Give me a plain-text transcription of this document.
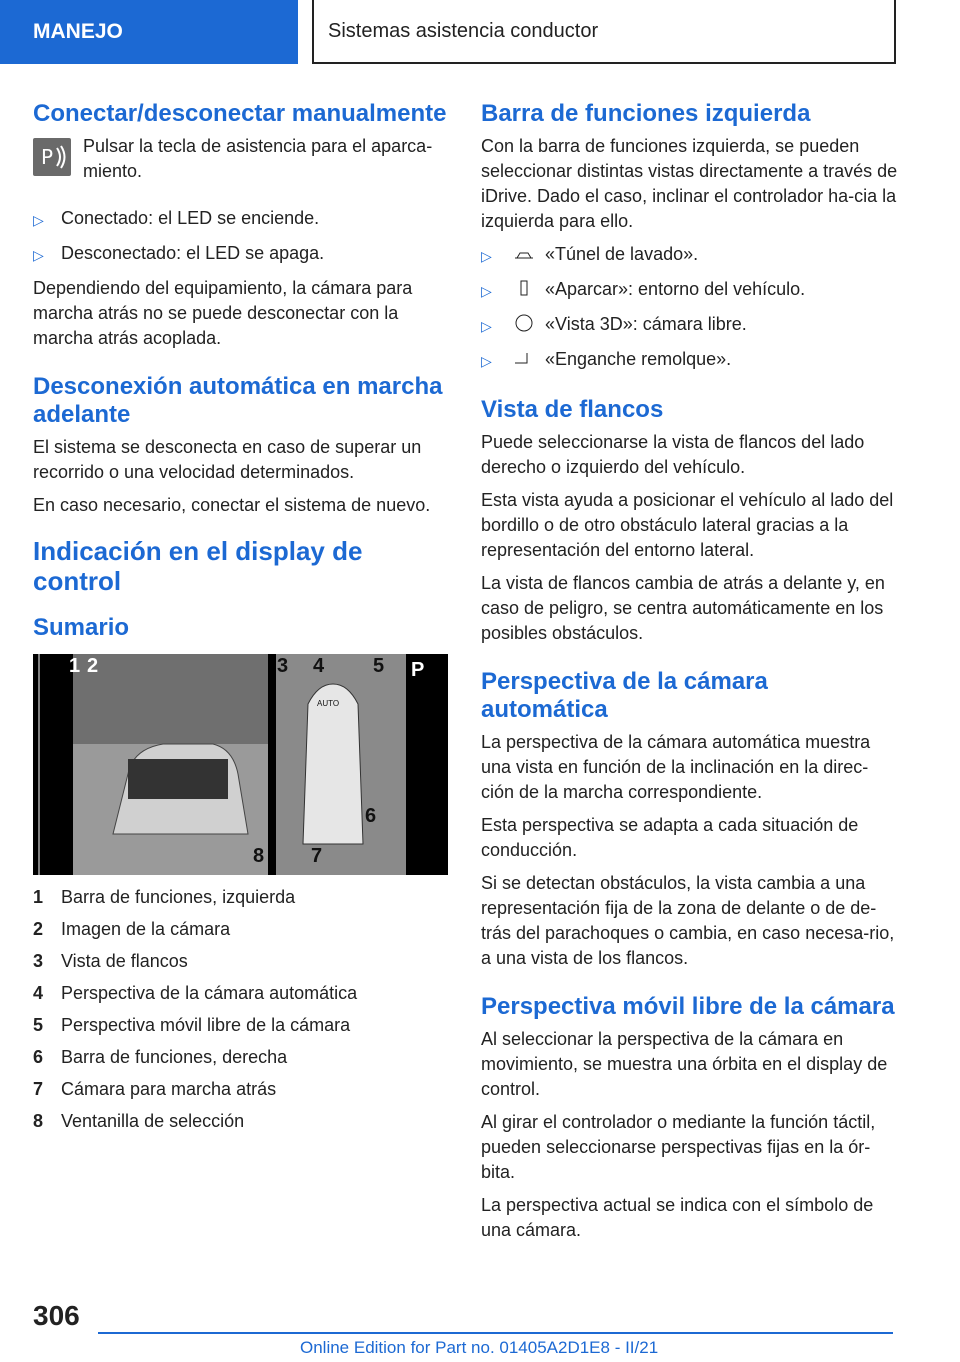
MANEJO	Sistemas asistencia conductor
Conectar/desconectar manualmente
P Pulsar la tecla de asistencia para el aparca‐miento.

▷ Conectado: el LED se enciende.
▷ Desconectado: el LED se apaga.

Dependiendo del equipamiento, la cámara para marcha atrás no se puede desconectar con la marcha atrás acoplada.

Desconexión automática en marcha adelante

El sistema se desconecta en caso de superar un recorrido o una velocidad determinados.

En caso necesario, conectar el sistema de nuevo.

Indicación en el display de control
Sumario
1 2	3 4 5
6
7
8
P
AUTO
1 Barra de funciones, izquierda
2 Imagen de la cámara
3 Vista de flancos
4 Perspectiva de la cámara automática
5 Perspectiva móvil libre de la cámara
6 Barra de funciones, derecha
7 Cámara para marcha atrás
8 Ventanilla de selección
Barra de funciones izquierda

Con la barra de funciones izquierda, se pueden seleccionar distintas vistas directamente a través de iDrive. Dado el caso, inclinar el controlador ha‐cia la izquierda para ello.

▷	«Túnel de lavado».
▷	«Aparcar»: entorno del vehículo.
▷	«Vista 3D»: cámara libre.
▷	«Enganche remolque».
Vista de flancos

Puede seleccionarse la vista de flancos del lado derecho o izquierdo del vehículo.

Esta vista ayuda a posicionar el vehículo al lado del bordillo o de otro obstáculo lateral gracias a la representación del entorno lateral.

La vista de flancos cambia de atrás a delante y, en caso de peligro, se centra automáticamente en los posibles obstáculos.

Perspectiva de la cámara automática

La perspectiva de la cámara automática muestra una vista en función de la inclinación en la direc‐ción de la marcha correspondiente.

Esta perspectiva se adapta a cada situación de conducción.

Si se detectan obstáculos, la vista cambia a una representación fija de la zona de delante o de de‐trás del parachoques o cambia, en caso necesa‐rio, a una vista de los flancos.

Perspectiva móvil libre de la cámara

Al seleccionar la perspectiva de la cámara en movimiento, se muestra una órbita en el display de control.

Al girar el controlador o mediante la función táctil, pueden seleccionarse perspectivas fijas en la ór‐bita.

La perspectiva actual se indica con el símbolo de una cámara.

306
Online Edition for Part no. 01405A2D1E8 - II/21
